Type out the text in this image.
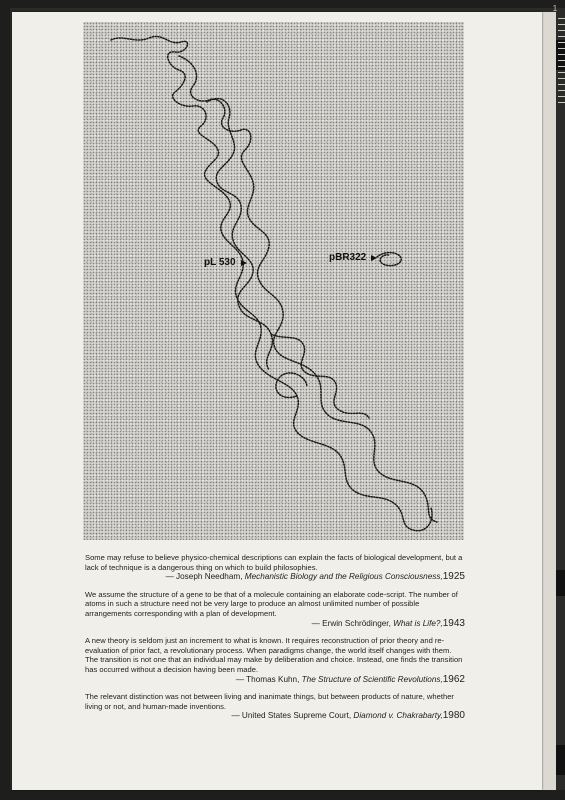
1
pL 530	pBR322
Some may refuse to believe physico-chemical descriptions can explain the facts of biological development, but a lack of technique is a dangerous thing on which to build philosophies.
— Joseph Needham, Mechanistic Biology and the Religious Consciousness,1925
We assume the structure of a gene to be that of a molecule containing an elaborate code-script. The number of atoms in such a structure need not be very large to produce an almost unlimited number of possible arrangements corresponding with a plan of development.
— Erwin Schrödinger, What is Life?,1943
A new theory is seldom just an increment to what is known. It requires reconstruction of prior theory and re-evaluation of prior fact, a revolutionary process. When paradigms change, the world itself changes with them. The transition is not one that an individual may make by deliberation and choice. Instead, one finds the transition has occurred without a decision having been made.
— Thomas Kuhn, The Structure of Scientific Revolutions,1962
The relevant distinction was not between living and inanimate things, but between products of nature, whether living or not, and human-made inventions.
— United States Supreme Court, Diamond v. Chakrabarty,1980
